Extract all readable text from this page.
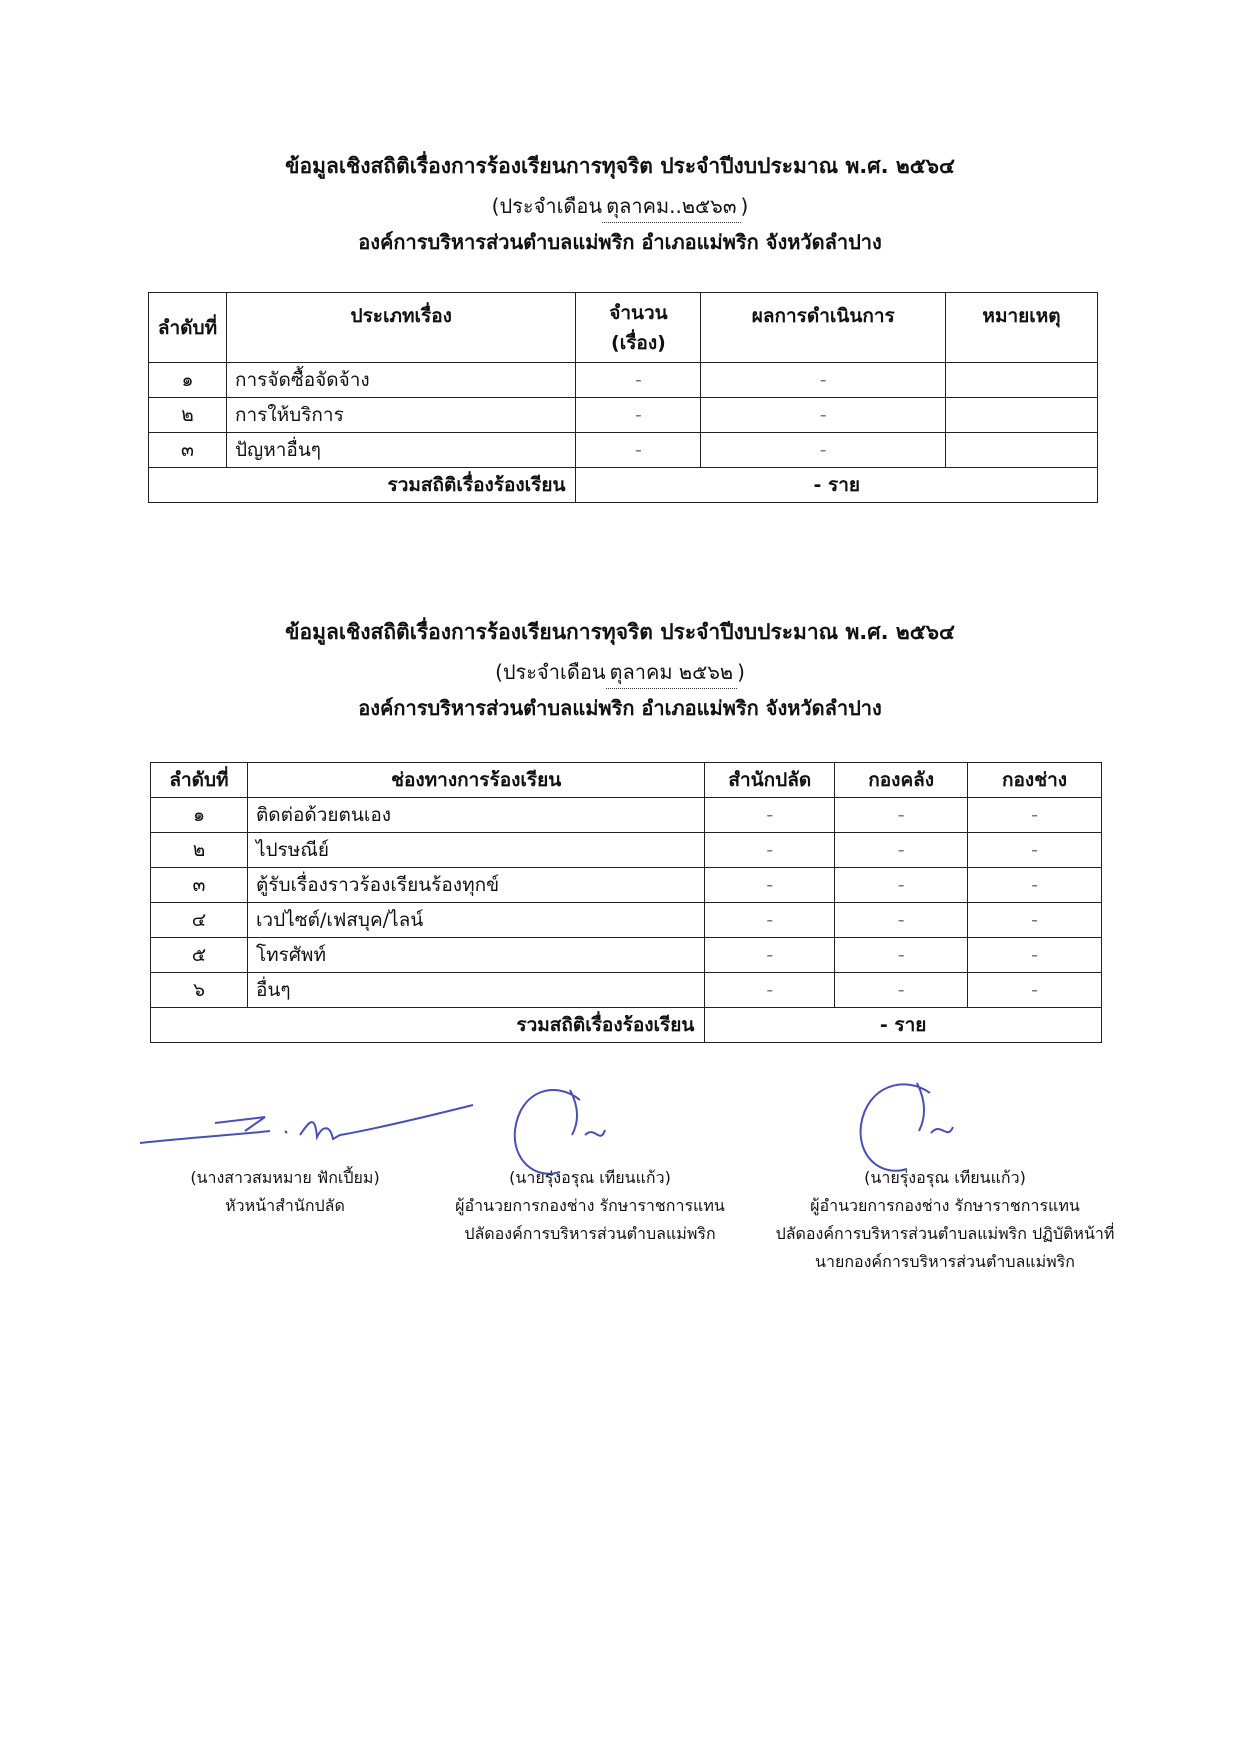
ข้อมูลเชิงสถิติเรื่องการร้องเรียนการทุจริต ประจำปีงบประมาณ พ.ศ. ๒๕๖๔
(ประจำเดือน ตุลาคม..๒๕๖๓ )
องค์การบริหารส่วนตำบลแม่พริก อำเภอแม่พริก จังหวัดลำปาง
ลำดับที่	ประเภทเรื่อง	จำนวน (เรื่อง)	ผลการดำเนินการ	หมายเหตุ
๑	การจัดซื้อจัดจ้าง	-	-	
๒	การให้บริการ	-	-	
๓	ปัญหาอื่นๆ	-	-	
รวมสถิติเรื่องร้องเรียน		- ราย		
ข้อมูลเชิงสถิติเรื่องการร้องเรียนการทุจริต ประจำปีงบประมาณ พ.ศ. ๒๕๖๔
(ประจำเดือน ตุลาคม ๒๕๖๒ )
องค์การบริหารส่วนตำบลแม่พริก อำเภอแม่พริก จังหวัดลำปาง
ลำดับที่	ช่องทางการร้องเรียน	สำนักปลัด	กองคลัง	กองช่าง
๑	ติดต่อด้วยตนเอง	-	-	-
๒	ไปรษณีย์	-	-	-
๓	ตู้รับเรื่องราวร้องเรียนร้องทุกข์	-	-	-
๔	เวปไซต์/เฟสบุค/ไลน์	-	-	-
๕	โทรศัพท์	-	-	-
๖	อื่นๆ	-	-	-
รวมสถิติเรื่องร้องเรียน		- ราย		
(นางสาวสมหมาย ฟักเปี้ยม)
หัวหน้าสำนักปลัด
(นายรุ่งอรุณ เทียนแก้ว)
ผู้อำนวยการกองช่าง รักษาราชการแทน
ปลัดองค์การบริหารส่วนตำบลแม่พริก
(นายรุ่งอรุณ เทียนแก้ว)
ผู้อำนวยการกองช่าง รักษาราชการแทน
ปลัดองค์การบริหารส่วนตำบลแม่พริก ปฏิบัติหน้าที่
นายกองค์การบริหารส่วนตำบลแม่พริก
